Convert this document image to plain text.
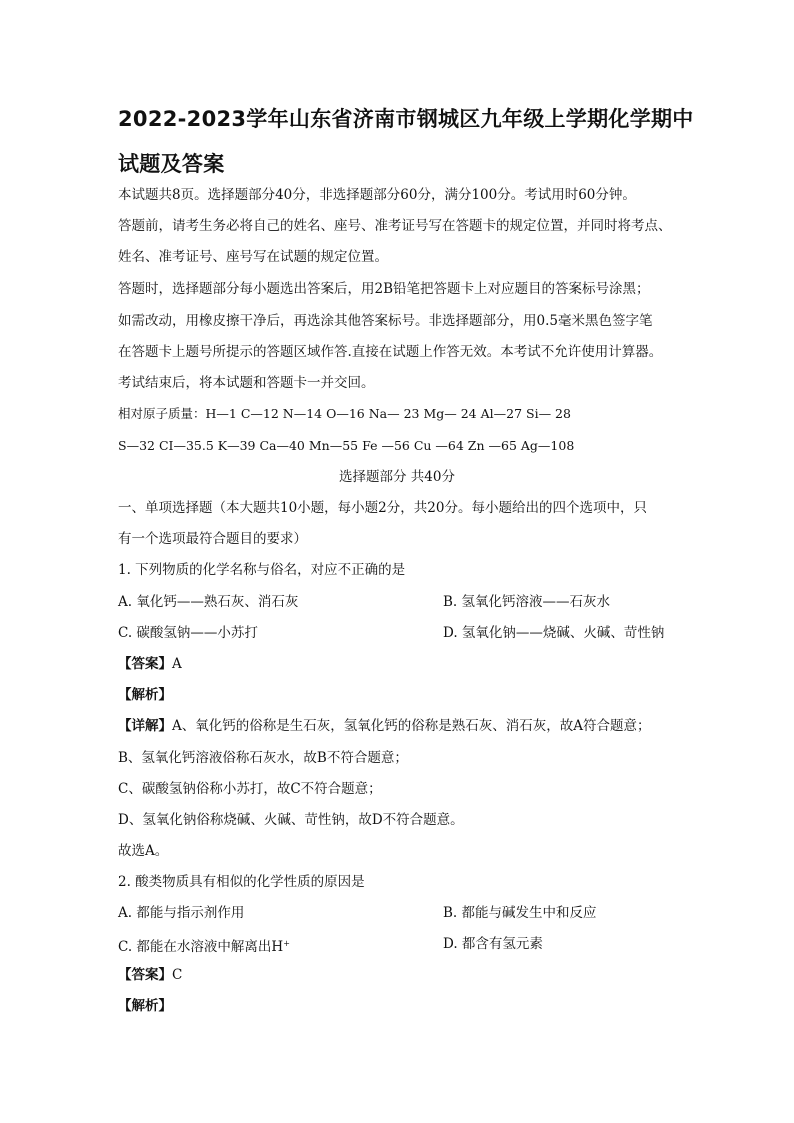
2022-2023学年山东省济南市钢城区九年级上学期化学期中
试题及答案
本试题共8页。选择题部分40分，非选择题部分60分，满分100分。考试用时60分钟。
答题前，请考生务必将自己的姓名、座号、准考证号写在答题卡的规定位置，并同时将考点、
姓名、准考证号、座号写在试题的规定位置。
答题时，选择题部分每小题选出答案后，用2B铅笔把答题卡上对应题目的答案标号涂黑；
如需改动，用橡皮擦干净后，再选涂其他答案标号。非选择题部分，用0.5毫米黑色签字笔
在答题卡上题号所提示的答题区域作答.直接在试题上作答无效。本考试不允许使用计算器。
考试结束后，将本试题和答题卡一并交回。
相对原子质量：H—1 C—12 N—14 O—16 Na— 23 Mg— 24 Al—27 Si— 28
S—32 CI—35.5 K—39 Ca—40 Mn—55 Fe —56 Cu —64 Zn —65 Ag—108
选择题部分 共40分
一、单项选择题（本大题共10小题，每小题2分，共20分。每小题给出的四个选项中，只
有一个选项最符合题目的要求）
1. 下列物质的化学名称与俗名，对应不正确的是
A. 氧化钙——熟石灰、消石灰	B. 氢氧化钙溶液——石灰水
C. 碳酸氢钠——小苏打	D. 氢氧化钠——烧碱、火碱、苛性钠
【答案】A
【解析】
【详解】A、氧化钙的俗称是生石灰，氢氧化钙的俗称是熟石灰、消石灰，故A符合题意；
B、氢氧化钙溶液俗称石灰水，故B不符合题意；
C、碳酸氢钠俗称小苏打，故C不符合题意；
D、氢氧化钠俗称烧碱、火碱、苛性钠，故D不符合题意。
故选A。
2. 酸类物质具有相似的化学性质的原因是
A. 都能与指示剂作用	B. 都能与碱发生中和反应
C. 都能在水溶液中解离出H+	D. 都含有氢元素
【答案】C
【解析】
